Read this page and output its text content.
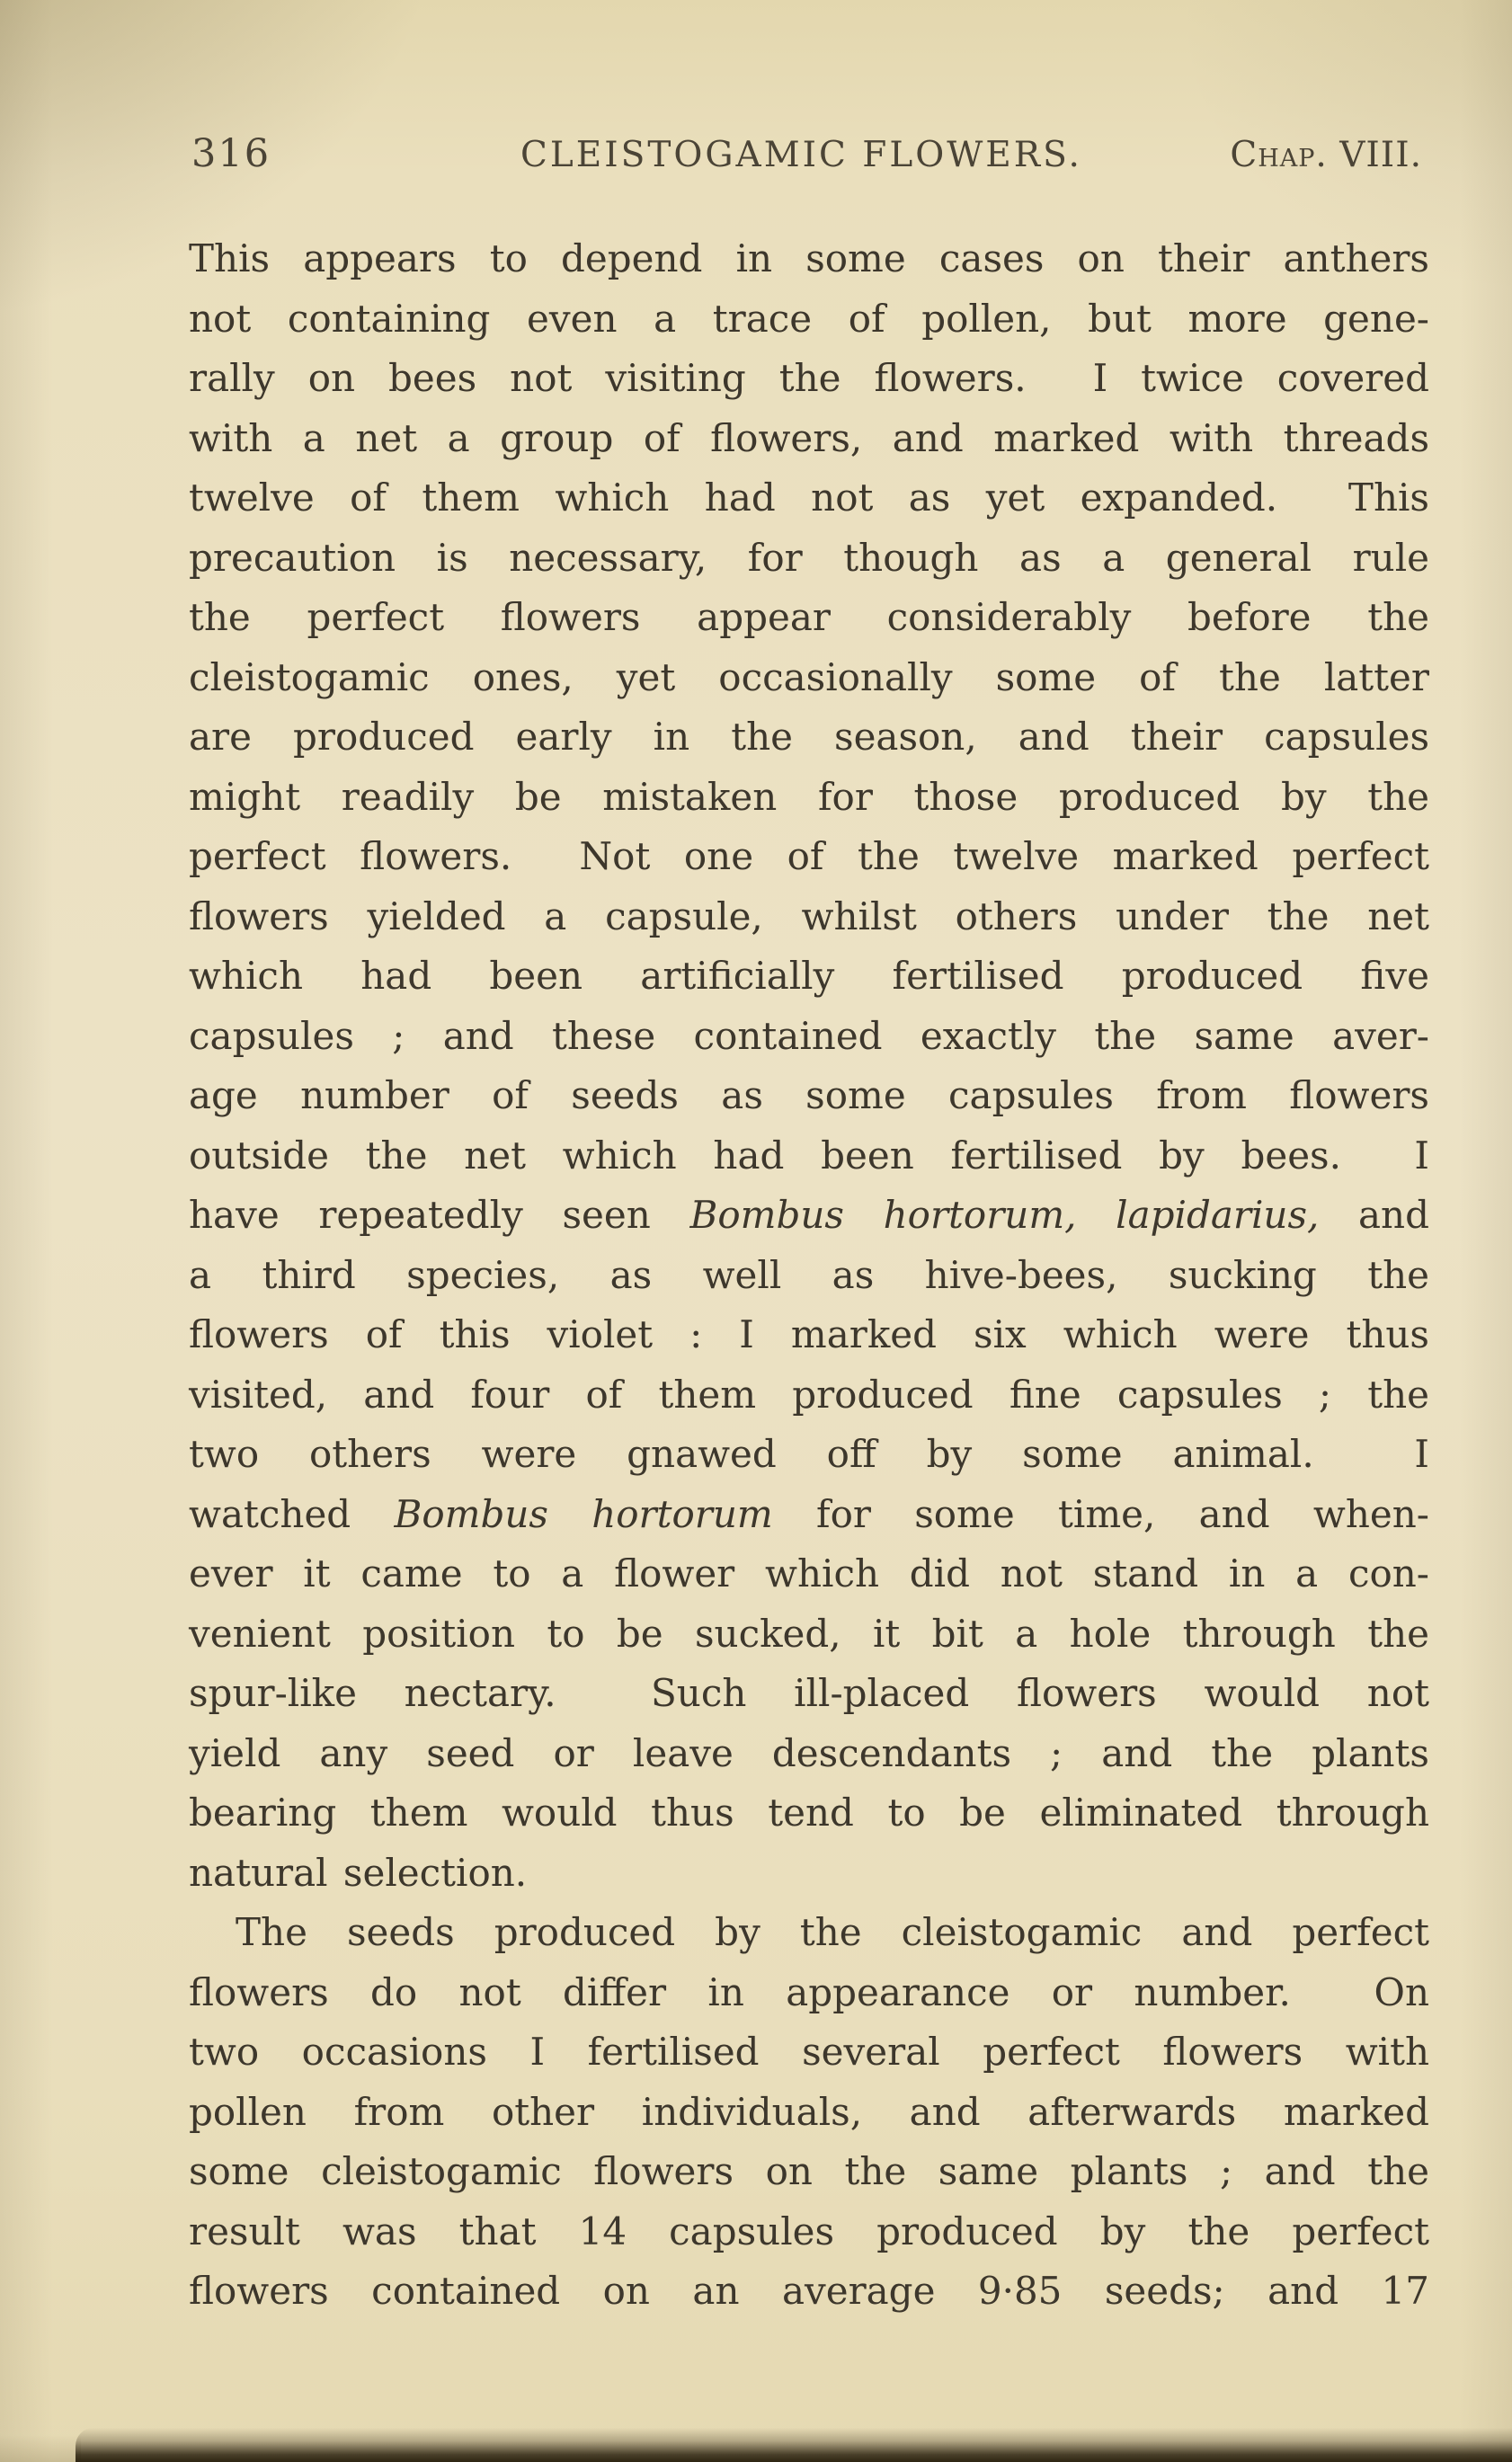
316	CLEISTOGAMIC FLOWERS.	Chap. VIII.
This appears to depend in some cases on their anthers
not containing even a trace of pollen, but more gene-
rally on bees not visiting the flowers.  I twice covered
with a net a group of flowers, and marked with threads
twelve of them which had not as yet expanded.  This
precaution is necessary, for though as a general rule
the perfect flowers appear considerably before the
cleistogamic ones, yet occasionally some of the latter
are produced early in the season, and their capsules
might readily be mistaken for those produced by the
perfect flowers.  Not one of the twelve marked perfect
flowers yielded a capsule, whilst others under the net
which had been artificially fertilised produced five
capsules ; and these contained exactly the same aver-
age number of seeds as some capsules from flowers
outside the net which had been fertilised by bees.  I
have repeatedly seen Bombus hortorum, lapidarius, and
a third species, as well as hive-bees, sucking the
flowers of this violet : I marked six which were thus
visited, and four of them produced fine capsules ; the
two others were gnawed off by some animal.  I
watched Bombus hortorum for some time, and when-
ever it came to a flower which did not stand in a con-
venient position to be sucked, it bit a hole through the
spur-like nectary.  Such ill-placed flowers would not
yield any seed or leave descendants ; and the plants
bearing them would thus tend to be eliminated through
natural selection.
The seeds produced by the cleistogamic and perfect
flowers do not differ in appearance or number.  On
two occasions I fertilised several perfect flowers with
pollen from other individuals, and afterwards marked
some cleistogamic flowers on the same plants ; and the
result was that 14 capsules produced by the perfect
flowers contained on an average 9·85 seeds; and 17
